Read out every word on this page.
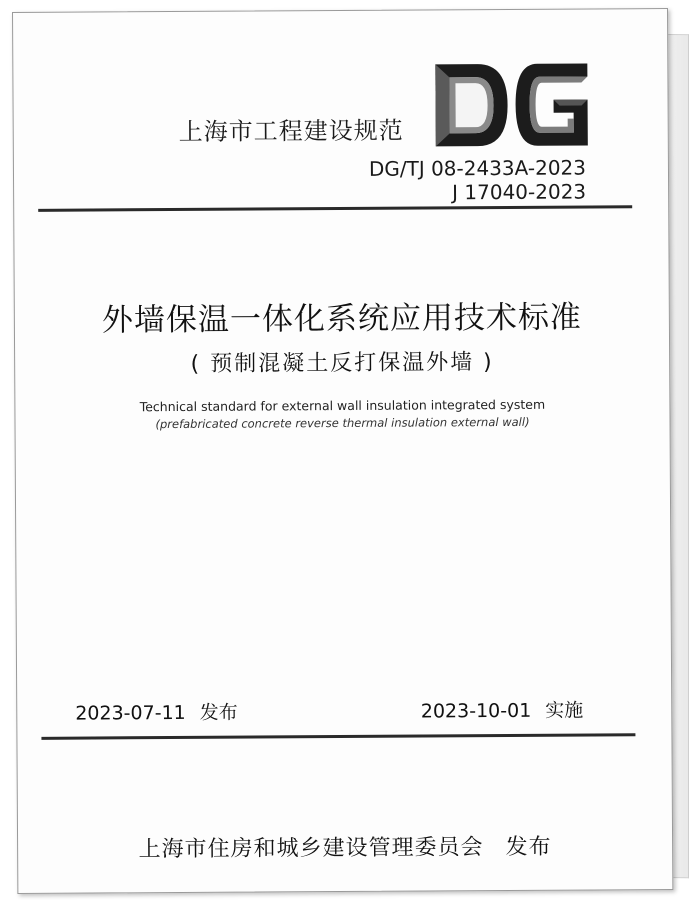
上海市工程建设规范
DG/TJ 08-2433A-2023
J 17040-2023
外墙保温一体化系统应用技术标准
( 预制混凝土反打保温外墙 )
Technical standard for external wall insulation integrated system
(prefabricated concrete reverse thermal insulation external wall)
2023-07-11 发布	2023-10-01 实施
上海市住房和城乡建设管理委员会 发布
